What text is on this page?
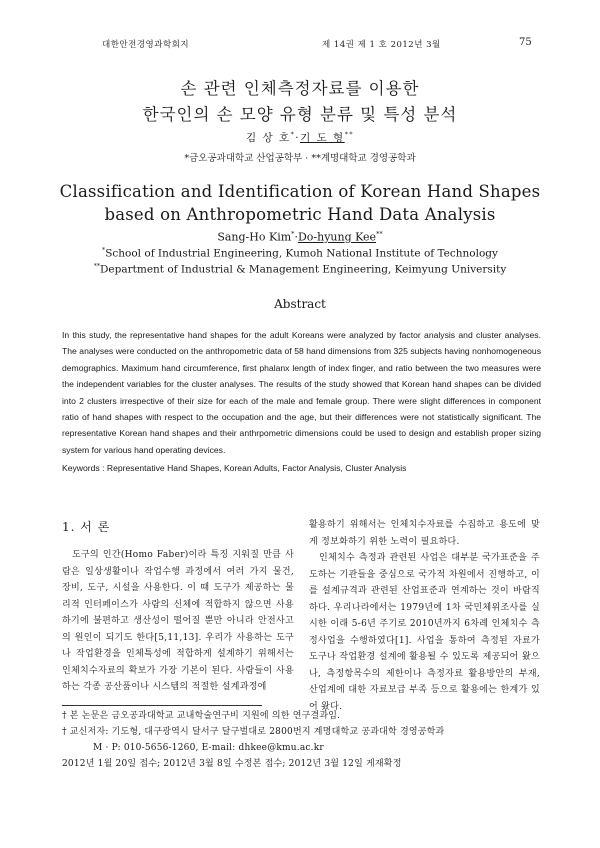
대한안전경영과학회지	제 14권 제 1 호 2012년 3월	75
손 관련 인체측정자료를 이용한
한국인의 손 모양 유형 분류 및 특성 분석
김 상 호*·기 도 형**
*금오공과대학교 산업공학부 · **계명대학교 경영공학과
Classification and Identification of Korean Hand Shapes
based on Anthropometric Hand Data Analysis
Sang-Ho Kim*·Do-hyung Kee**
*School of Industrial Engineering, Kumoh National Institute of Technology
**Department of Industrial & Management Engineering, Keimyung University
Abstract

In this study, the representative hand shapes for the adult Koreans were analyzed by factor analysis and cluster analyses. The analyses were conducted on the anthropometric data of 58 hand dimensions from 325 subjects having nonhomogeneous demographics. Maximum hand circumference, first phalanx length of index finger, and ratio between the two measures were the independent variables for the cluster analyses. The results of the study showed that Korean hand shapes can be divided into 2 clusters irrespective of their size for each of the male and female group. There were slight differences in component ratio of hand shapes with respect to the occupation and the age, but their differences were not statistically significant. The representative Korean hand shapes and their anthrpometric dimensions could be used to design and establish proper sizing system for various hand operating devices.

Keywords : Representative Hand Shapes, Korean Adults, Factor Analysis, Cluster Analysis
1. 서 론

도구의 인간(Homo Faber)이라 특징 지워질 만큼 사람은 일상생활이나 작업수행 과정에서 여러 가지 물건, 장비, 도구, 시설을 사용한다. 이 때 도구가 제공하는 물리적 인터페이스가 사람의 신체에 적합하지 않으면 사용하기에 불편하고 생산성이 떨어질 뿐만 아니라 안전사고의 원인이 되기도 한다[5,11,13]. 우리가 사용하는 도구나 작업환경을 인체특성에 적합하게 설계하기 위해서는 인체치수자료의 확보가 가장 기본이 된다. 사람들이 사용하는 각종 공산품이나 시스템의 적절한 설계과정에

활용하기 위해서는 인체치수자료를 수집하고 용도에 맞게 정보화하기 위한 노력이 필요하다.

인체치수 측정과 관련된 사업은 대부분 국가표준을 주도하는 기관들을 중심으로 국가적 차원에서 진행하고, 이를 설계규격과 관련된 산업표준과 연계하는 것이 바람직하다. 우리나라에서는 1979년에 1차 국민체위조사를 실시한 이래 5-6년 주기로 2010년까지 6차례 인체치수 측정사업을 수행하였다[1]. 사업을 통하여 측정된 자료가 도구나 작업환경 설계에 활용될 수 있도록 제공되어 왔으나, 측정항목수의 제한이나 측정자료 활용방안의 부재, 산업계에 대한 자료보급 부족 등으로 활용에는 한계가 있어 왔다.

† 본 논문은 금오공과대학교 교내학술연구비 지원에 의한 연구결과임.
† 교신저자: 기도형, 대구광역시 달서구 달구벌대로 2800번지 계명대학교 공과대학 경영공학과
M · P: 010-5656-1260, E-mail: dhkee@kmu.ac.kr
2012년 1월 20일 접수; 2012년 3월 8일 수정본 접수; 2012년 3월 12일 게재확정
